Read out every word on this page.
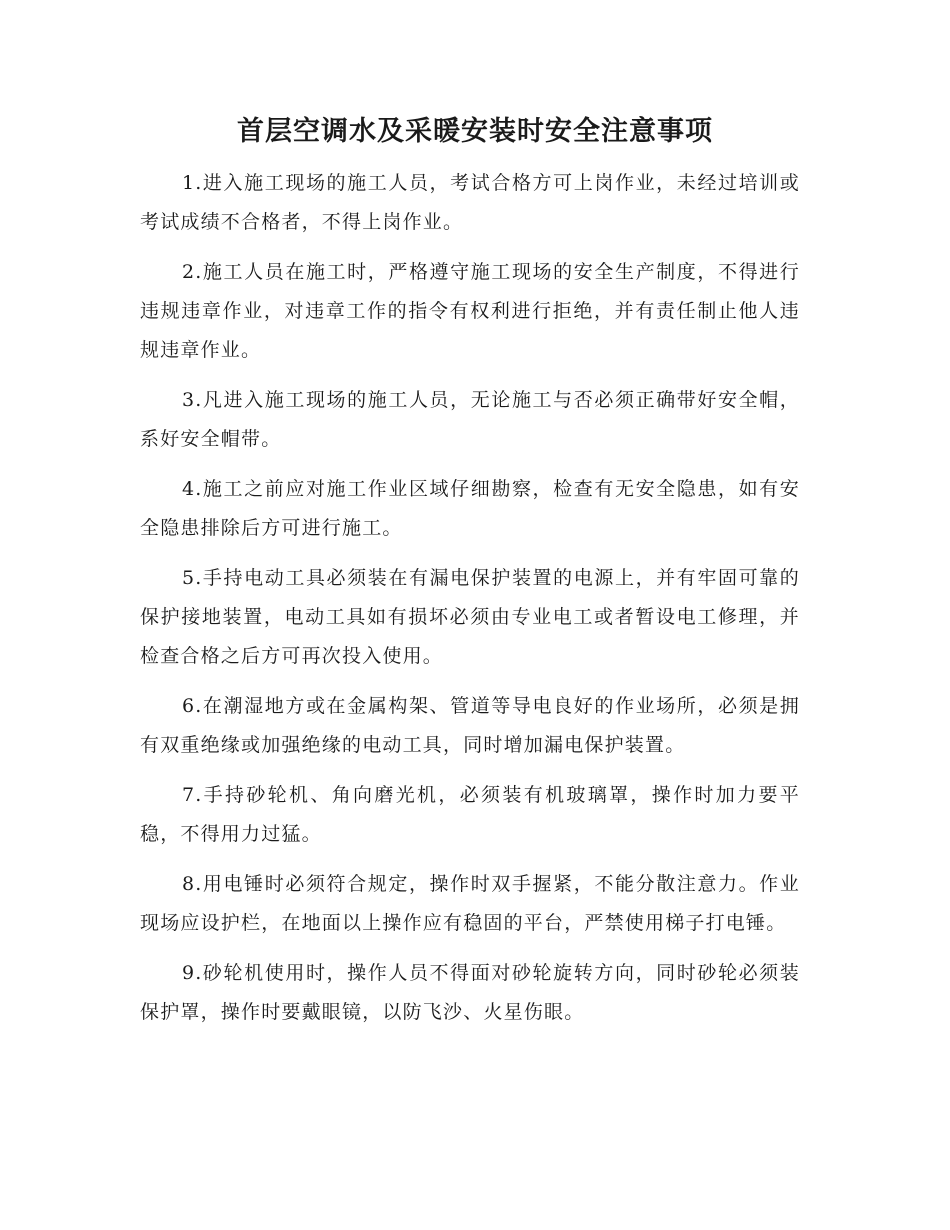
首层空调水及采暖安装时安全注意事项

1.进入施工现场的施工人员，考试合格方可上岗作业，未经过培训或考试成绩不合格者，不得上岗作业。

2.施工人员在施工时，严格遵守施工现场的安全生产制度，不得进行违规违章作业，对违章工作的指令有权利进行拒绝，并有责任制止他人违规违章作业。

3.凡进入施工现场的施工人员，无论施工与否必须正确带好安全帽，系好安全帽带。

4.施工之前应对施工作业区域仔细勘察，检查有无安全隐患，如有安全隐患排除后方可进行施工。

5.手持电动工具必须装在有漏电保护装置的电源上，并有牢固可靠的保护接地装置，电动工具如有损坏必须由专业电工或者暂设电工修理，并检查合格之后方可再次投入使用。

6.在潮湿地方或在金属构架、管道等导电良好的作业场所，必须是拥有双重绝缘或加强绝缘的电动工具，同时增加漏电保护装置。

7.手持砂轮机、角向磨光机，必须装有机玻璃罩，操作时加力要平稳，不得用力过猛。

8.用电锤时必须符合规定，操作时双手握紧，不能分散注意力。作业现场应设护栏，在地面以上操作应有稳固的平台，严禁使用梯子打电锤。

9.砂轮机使用时，操作人员不得面对砂轮旋转方向，同时砂轮必须装保护罩，操作时要戴眼镜，以防飞沙、火星伤眼。
